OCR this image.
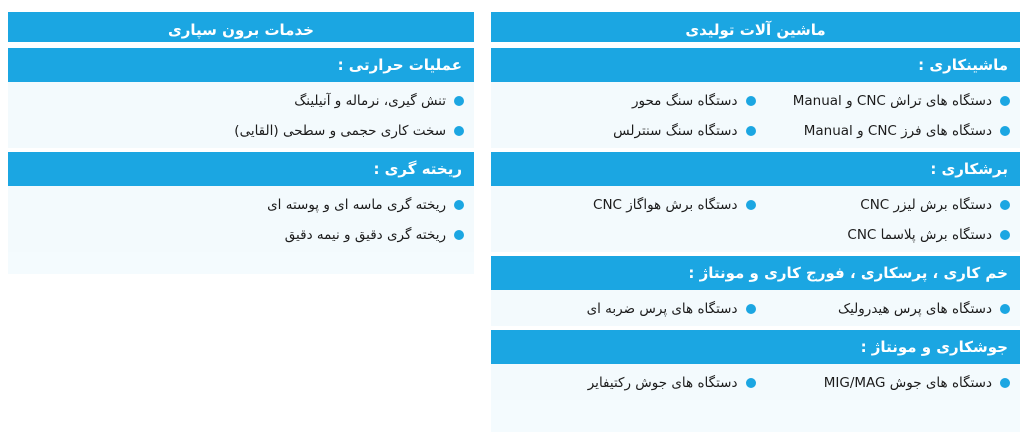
ماشین آلات تولیدی
ماشینکاری :
دستگاه های تراش CNC و Manual
دستگاه سنگ محور
دستگاه های فرز CNC و Manual
دستگاه سنگ سنترلس
برشکاری :
دستگاه برش لیزر CNC
دستگاه برش هواگاز CNC
دستگاه برش پلاسما CNC
خم کاری ، پرسکاری ، فورج کاری و مونتاژ :
دستگاه های پرس هیدرولیک
دستگاه های پرس ضربه ای
جوشکاری و مونتاژ :
دستگاه های جوش MIG/MAG
دستگاه های جوش رکتیفایر
خدمات برون سپاری
عملیات حرارتی :
تنش گیری، نرماله و آنیلینگ
سخت کاری حجمی و سطحی (القایی)
ریخته گری :
ریخته گری ماسه ای و پوسته ای
ریخته گری دقیق و نیمه دقیق
